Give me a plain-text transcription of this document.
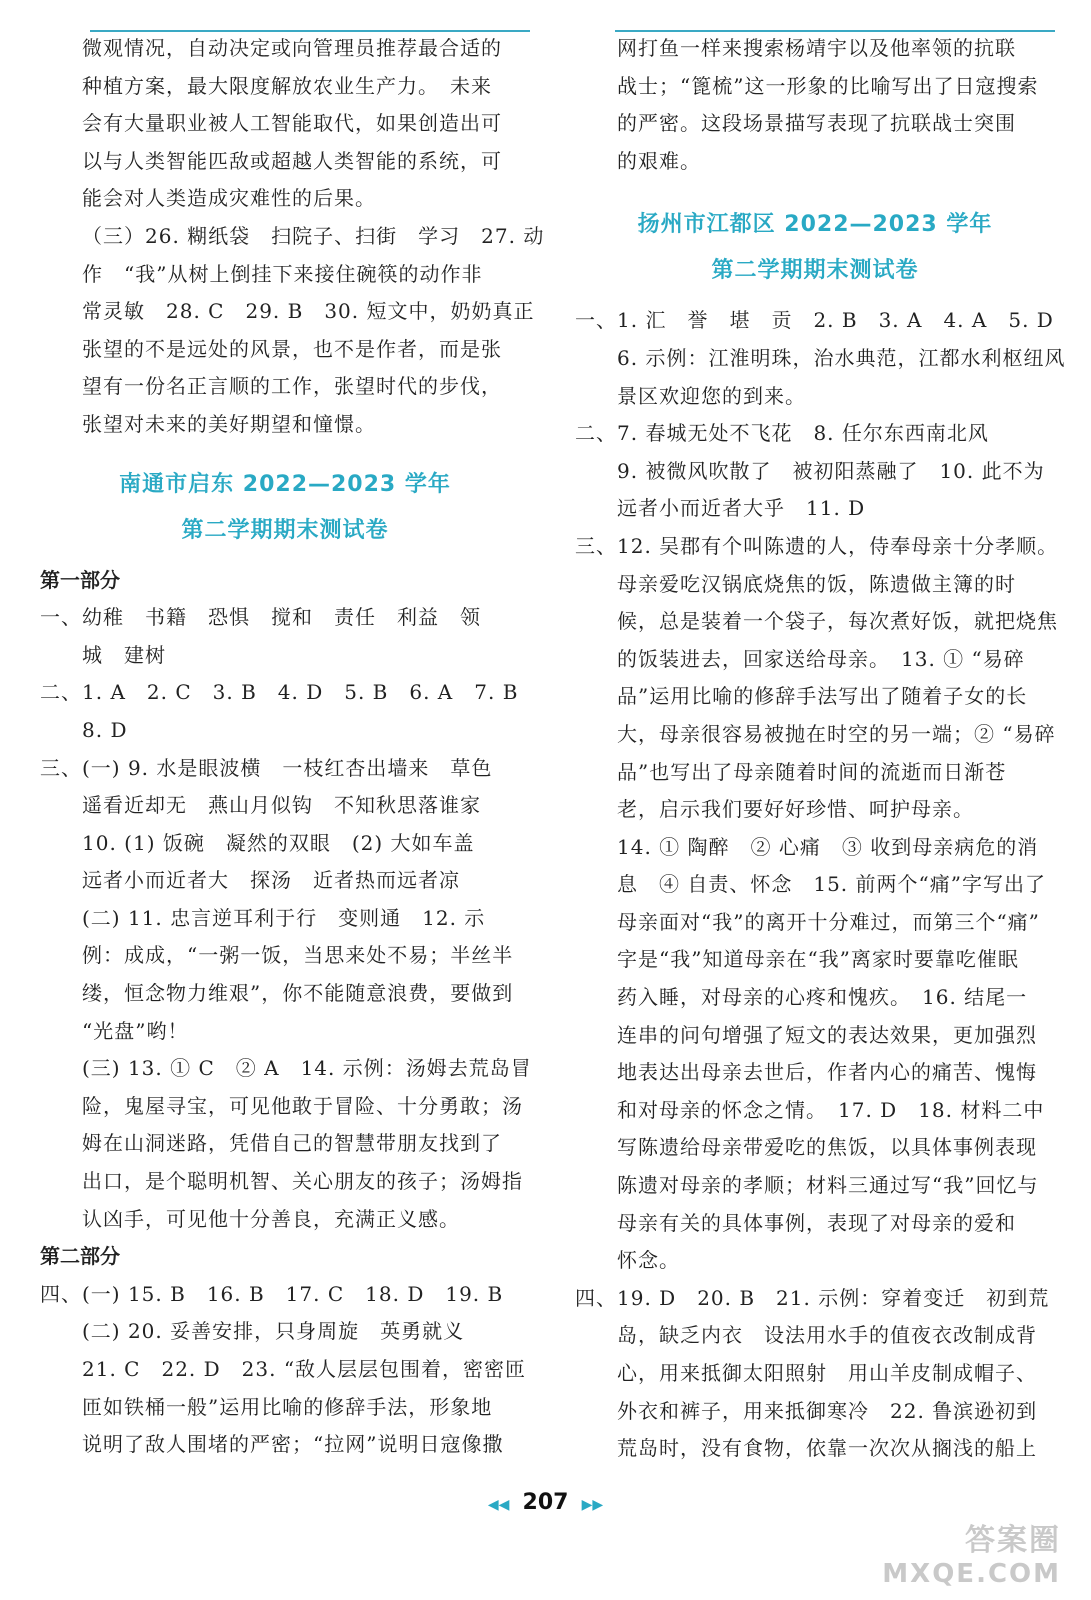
微观情况，自动决定或向管理员推荐最合适的

种植方案，最大限度解放农业生产力。　未来

会有大量职业被人工智能取代，如果创造出可

以与人类智能匹敌或超越人类智能的系统，可

能会对人类造成灾难性的后果。

（三）26. 糊纸袋　扫院子、扫街　学习　27. 动

作　“我”从树上倒挂下来接住碗筷的动作非

常灵敏　28. C　29. B　30. 短文中，奶奶真正

张望的不是远处的风景，也不是作者，而是张

望有一份名正言顺的工作，张望时代的步伐，

张望对未来的美好期望和憧憬。

南通市启东 2022—2023 学年

第二学期期末测试卷

第一部分

一、幼稚　书籍　恐惧　搅和　责任　利益　领

城　建树

二、1. A　2. C　3. B　4. D　5. B　6. A　7. B

8. D

三、(一) 9. 水是眼波横　一枝红杏出墙来　草色

遥看近却无　燕山月似钩　不知秋思落谁家

10. (1) 饭碗　凝然的双眼　(2) 大如车盖

远者小而近者大　探汤　近者热而远者凉

(二) 11. 忠言逆耳利于行　变则通　12. 示

例：成成，“一粥一饭，当思来处不易；半丝半

缕，恒念物力维艰”，你不能随意浪费，要做到

“光盘”哟！

(三) 13. ① C　② A　14. 示例：汤姆去荒岛冒

险，鬼屋寻宝，可见他敢于冒险、十分勇敢；汤

姆在山洞迷路，凭借自己的智慧带朋友找到了

出口，是个聪明机智、关心朋友的孩子；汤姆指

认凶手，可见他十分善良，充满正义感。

第二部分

四、(一) 15. B　16. B　17. C　18. D　19. B

(二) 20. 妥善安排，只身周旋　英勇就义

21. C　22. D　23. “敌人层层包围着，密密匝

匝如铁桶一般”运用比喻的修辞手法，形象地

说明了敌人围堵的严密；“拉网”说明日寇像撒

网打鱼一样来搜索杨靖宇以及他率领的抗联

战士；“篦梳”这一形象的比喻写出了日寇搜索

的严密。这段场景描写表现了抗联战士突围

的艰难。

扬州市江都区 2022—2023 学年

第二学期期末测试卷

一、1. 汇　誉　堪　贡　2. B　3. A　4. A　5. D

6. 示例：江淮明珠，治水典范，江都水利枢纽风

景区欢迎您的到来。

二、7. 春城无处不飞花　8. 任尔东西南北风

9. 被微风吹散了　被初阳蒸融了　10. 此不为

远者小而近者大乎　11. D

三、12. 吴郡有个叫陈遗的人，侍奉母亲十分孝顺。

母亲爱吃汉锅底烧焦的饭，陈遗做主簿的时

候，总是装着一个袋子，每次煮好饭，就把烧焦

的饭装进去，回家送给母亲。　13. ① “易碎

品”运用比喻的修辞手法写出了随着子女的长

大，母亲很容易被抛在时空的另一端；② “易碎

品”也写出了母亲随着时间的流逝而日渐苍

老，启示我们要好好珍惜、呵护母亲。

14. ① 陶醉　② 心痛　③ 收到母亲病危的消

息　④ 自责、怀念　15. 前两个“痛”字写出了

母亲面对“我”的离开十分难过，而第三个“痛”

字是“我”知道母亲在“我”离家时要靠吃催眠

药入睡，对母亲的心疼和愧疚。　16. 结尾一

连串的问句增强了短文的表达效果，更加强烈

地表达出母亲去世后，作者内心的痛苦、愧悔

和对母亲的怀念之情。　17. D　18. 材料二中

写陈遗给母亲带爱吃的焦饭，以具体事例表现

陈遗对母亲的孝顺；材料三通过写“我”回忆与

母亲有关的具体事例，表现了对母亲的爱和

怀念。

四、19. D　20. B　21. 示例：穿着变迁　初到荒

岛，缺乏内衣　设法用水手的值夜衣改制成背

心，用来抵御太阳照射　用山羊皮制成帽子、

外衣和裤子，用来抵御寒冷　22. 鲁滨逊初到

荒岛时，没有食物，依靠一次次从搁浅的船上

◀◀ 207 ▶▶
答案圈
MXQE.COM
